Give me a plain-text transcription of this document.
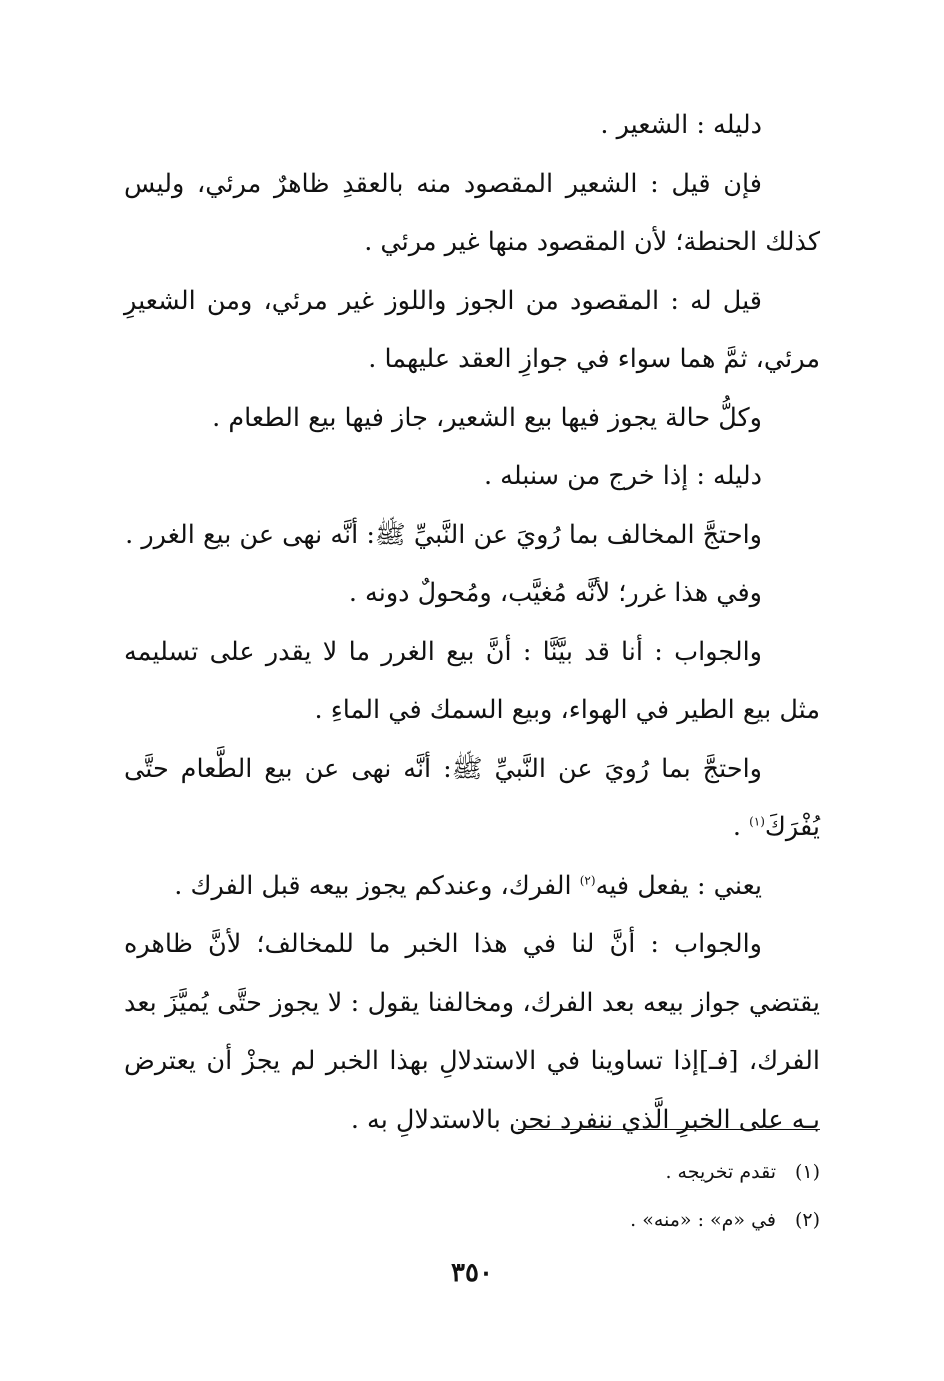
دليله : الشعير .

فإن قيل : الشعير المقصود منه بالعقدِ ظاهرٌ مرئي، وليس كذلك الحنطة؛ لأن المقصود منها غير مرئي .

قيل له : المقصود من الجوز واللوز غير مرئي، ومن الشعيرِ مرئي، ثمَّ هما سواء في جوازِ العقد عليهما .

وكلُّ حالة يجوز فيها بيع الشعير، جاز فيها بيع الطعام .

دليله : إذا خرج من سنبله .

واحتجَّ المخالف بما رُويَ عن النَّبيِّ ﷺ: أنَّه نهى عن بيع الغرر .

وفي هذا غرر؛ لأنَّه مُغيَّب، ومُحولٌ دونه .

والجواب : أنا قد بيَّنَّا : أنَّ بيع الغرر ما لا يقدر على تسليمه مثل بيع الطير في الهواء، وبيع السمك في الماءِ .

واحتجَّ بما رُويَ عن النَّبيِّ ﷺ: أنَّه نهى عن بيع الطَّعام حتَّى يُفْرَكَ$^{(١)}$ .

يعني : يفعل فيه$^{(٢)}$ الفرك، وعندكم يجوز بيعه قبل الفرك .

والجواب : أنَّ لنا في هذا الخبر ما للمخالف؛ لأنَّ ظاهره يقتضي جواز بيعه بعد الفرك، ومخالفنا يقول : لا يجوز حتَّى يُميَّزَ بعد الفرك، [فـ]إذا تساوينا في الاستدلالِ بهذا الخبر لم يجزْ أن يعترض بـه على الخبرِ الَّذي ننفرد نحن بالاستدلالِ به .

(١)
تقدم تخريجه .
(٢)
في «م» : «منه» .
٣٥٠
